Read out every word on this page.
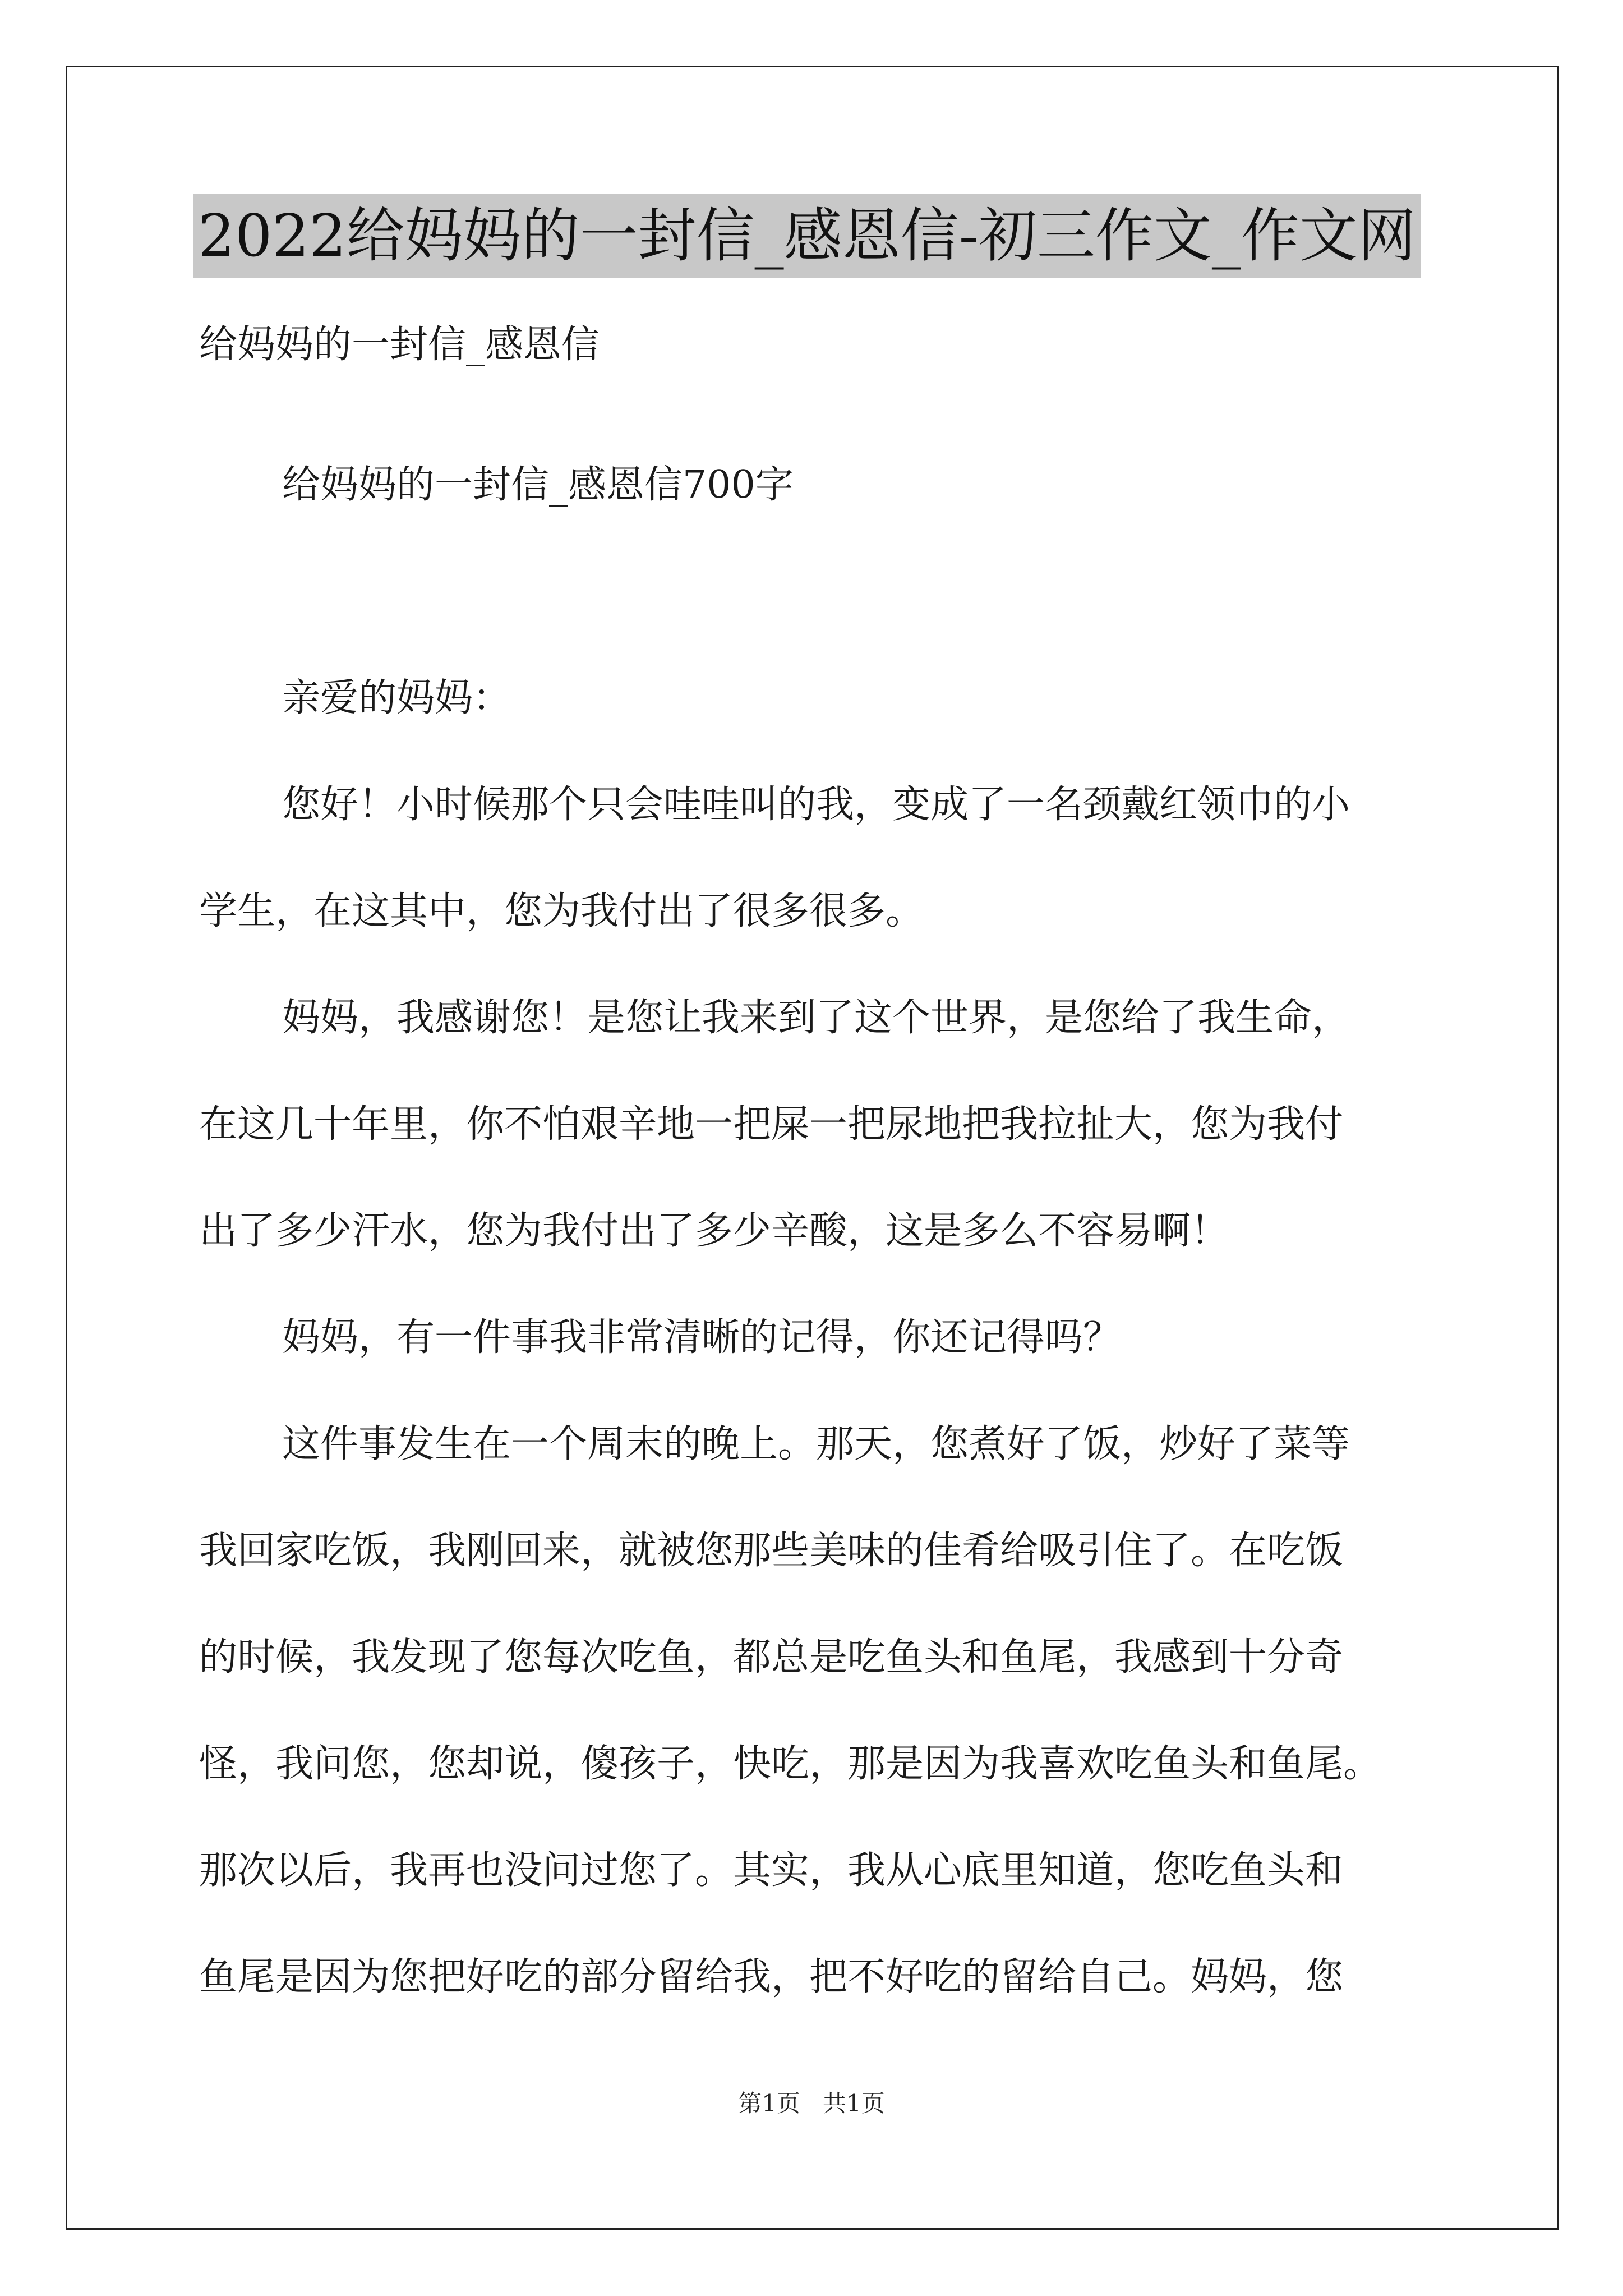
2022给妈妈的一封信_感恩信-初三作文_作文网
给妈妈的一封信_感恩信
给妈妈的一封信_感恩信700字
亲爱的妈妈：
您好！小时候那个只会哇哇叫的我，变成了一名颈戴红领巾的小
学生，在这其中，您为我付出了很多很多。
妈妈，我感谢您！是您让我来到了这个世界，是您给了我生命，
在这几十年里，你不怕艰辛地一把屎一把尿地把我拉扯大，您为我付
出了多少汗水，您为我付出了多少辛酸，这是多么不容易啊！
妈妈，有一件事我非常清晰的记得，你还记得吗？
这件事发生在一个周末的晚上。那天，您煮好了饭，炒好了菜等
我回家吃饭，我刚回来，就被您那些美味的佳肴给吸引住了。在吃饭
的时候，我发现了您每次吃鱼，都总是吃鱼头和鱼尾，我感到十分奇
怪，我问您，您却说，傻孩子，快吃，那是因为我喜欢吃鱼头和鱼尾。
那次以后，我再也没问过您了。其实，我从心底里知道，您吃鱼头和
鱼尾是因为您把好吃的部分留给我，把不好吃的留给自己。妈妈，您
第1页   共1页
